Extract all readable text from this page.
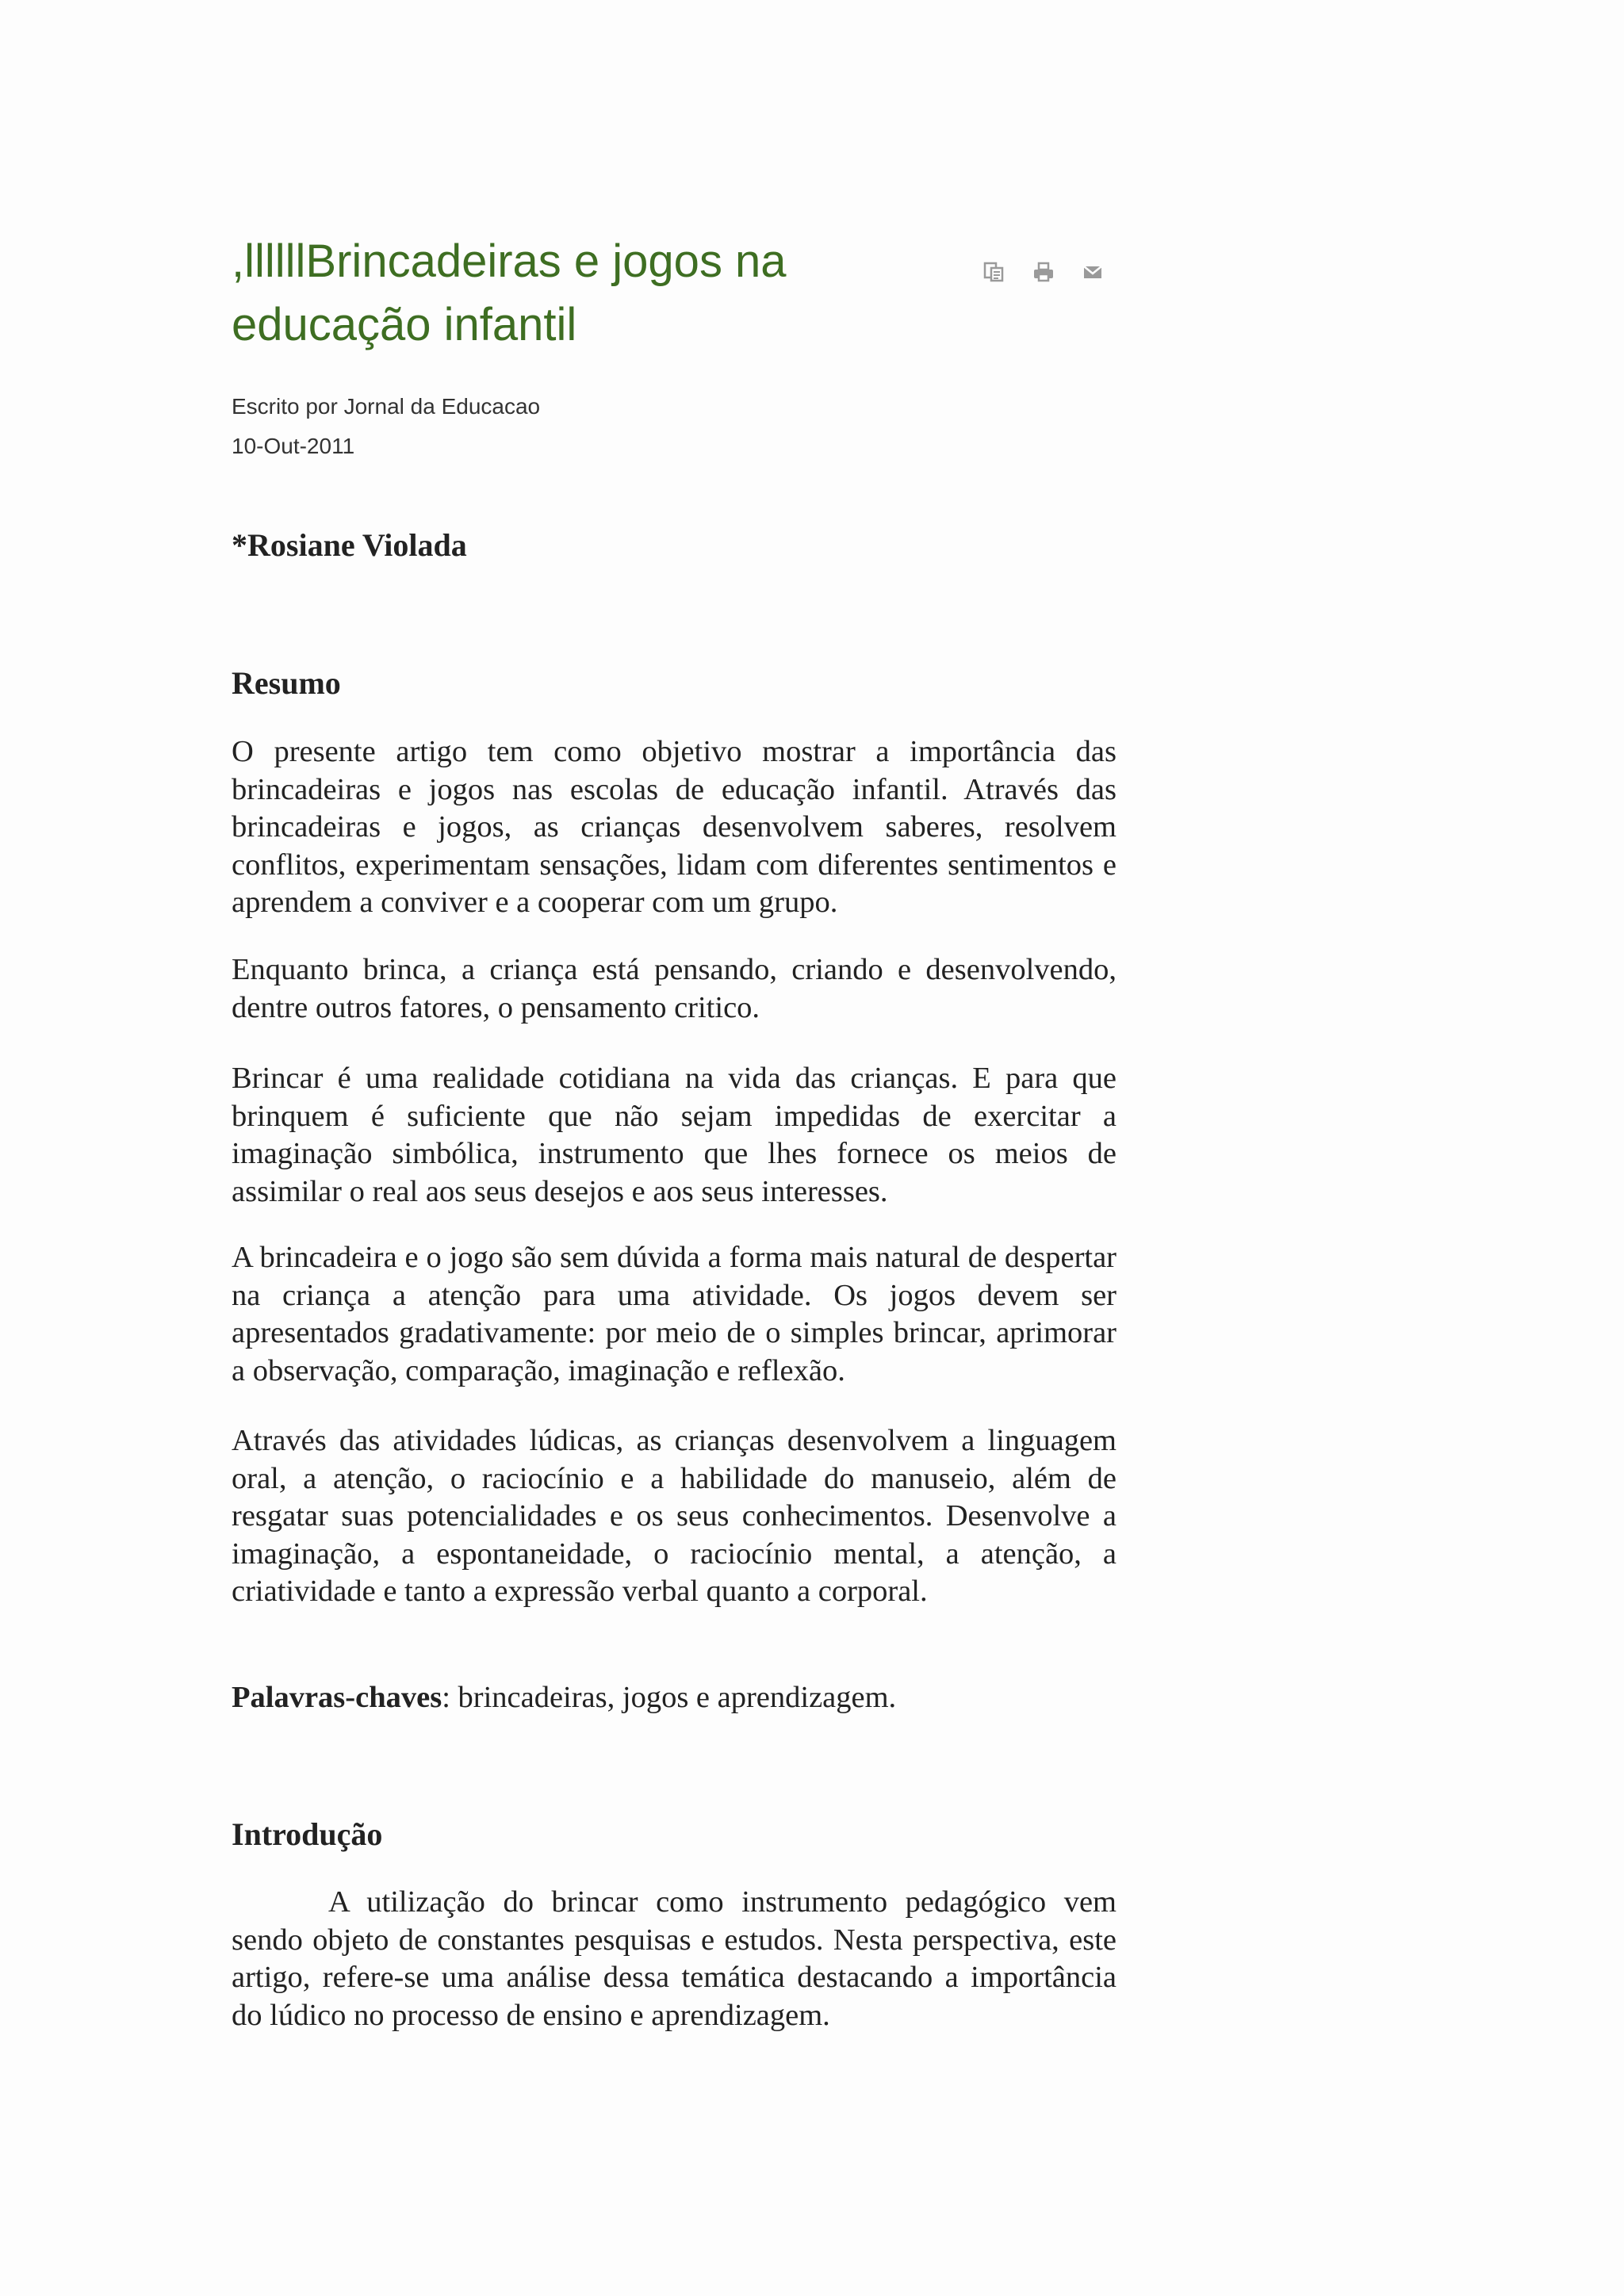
,llllllBrincadeiras e jogos na educação infantil
Escrito por Jornal da Educacao
10-Out-2011

*Rosiane Violada

Resumo

O presente artigo tem como objetivo mostrar a importância das brincadeiras e jogos nas escolas de educação infantil. Através das brincadeiras e jogos, as crianças desenvolvem saberes, resolvem conflitos, experimentam sensações, lidam com diferentes sentimentos e aprendem a conviver e a cooperar com um grupo.

Enquanto brinca, a criança está pensando, criando e desenvolvendo, dentre outros fatores, o pensamento critico.

Brincar é uma realidade cotidiana na vida das crianças. E para que brinquem é suficiente que não sejam impedidas de exercitar a imaginação simbólica, instrumento que lhes fornece os meios de assimilar o real aos seus desejos e aos seus interesses.

A brincadeira e o jogo são sem dúvida a forma mais natural de despertar na criança a atenção para uma atividade. Os jogos devem ser apresentados gradativamente: por meio de o simples brincar, aprimorar a observação, comparação, imaginação e reflexão.

Através das atividades lúdicas, as crianças desenvolvem a linguagem oral, a atenção, o raciocínio e a habilidade do manuseio, além de resgatar suas potencialidades e os seus conhecimentos. Desenvolve a imaginação, a espontaneidade, o raciocínio mental, a atenção, a criatividade e tanto a expressão verbal quanto a corporal.

Palavras-chaves: brincadeiras, jogos e aprendizagem.

Introdução

A utilização do brincar como instrumento pedagógico vem sendo objeto de constantes pesquisas e estudos. Nesta perspectiva, este artigo, refere-se uma análise dessa temática destacando a importância do lúdico no processo de ensino e aprendizagem.
